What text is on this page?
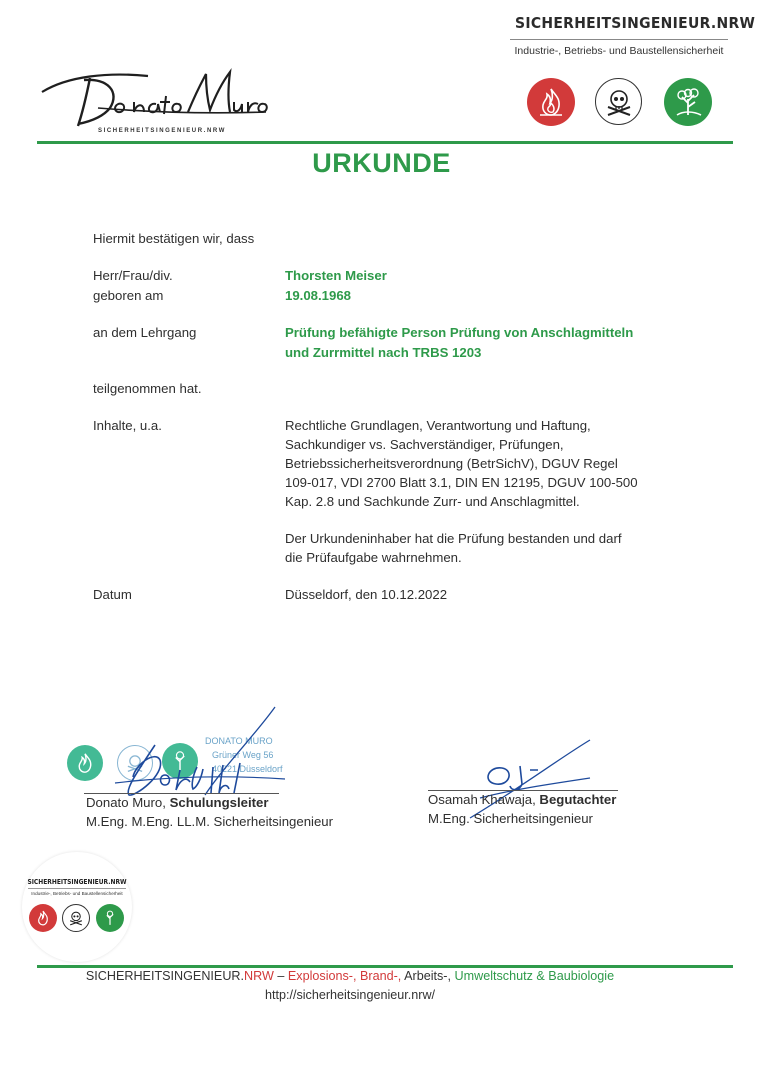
SICHERHEITSINGENIEUR.NRW
Industrie-, Betriebs- und Baustellensicherheit
SICHERHEITSINGENIEUR.NRW
URKUNDE
Hiermit bestätigen wir, dass
Herr/Frau/div.	Thorsten Meiser
geboren am	19.08.1968
an dem Lehrgang	Prüfung befähigte Person Prüfung von Anschlagmitteln
und Zurrmittel nach TRBS 1203
teilgenommen hat.
Inhalte, u.a.	Rechtliche Grundlagen, Verantwortung und Haftung,
Sachkundiger vs. Sachverständiger, Prüfungen,
Betriebssicherheitsverordnung (BetrSichV), DGUV Regel
109-017, VDI 2700 Blatt 3.1, DIN EN 12195, DGUV 100-500
Kap. 2.8 und Sachkunde Zurr- und Anschlagmittel.
Der Urkundeninhaber hat die Prüfung bestanden und darf
die Prüfaufgabe wahrnehmen.
Datum	Düsseldorf, den 10.12.2022
DONATO MURO
Grüner Weg 56
40221 Düsseldorf
Donato Muro, Schulungsleiter
M.Eng. M.Eng. LL.M. Sicherheitsingenieur
Osamah Khawaja, Begutachter
M.Eng. Sicherheitsingenieur
SICHERHEITSINGENIEUR.NRW
Industrie-, Betriebs- und Baustellensicherheit
SICHERHEITSINGENIEUR.NRW – Explosions-, Brand-, Arbeits-, Umweltschutz & Baubiologie
http://sicherheitsingenieur.nrw/
